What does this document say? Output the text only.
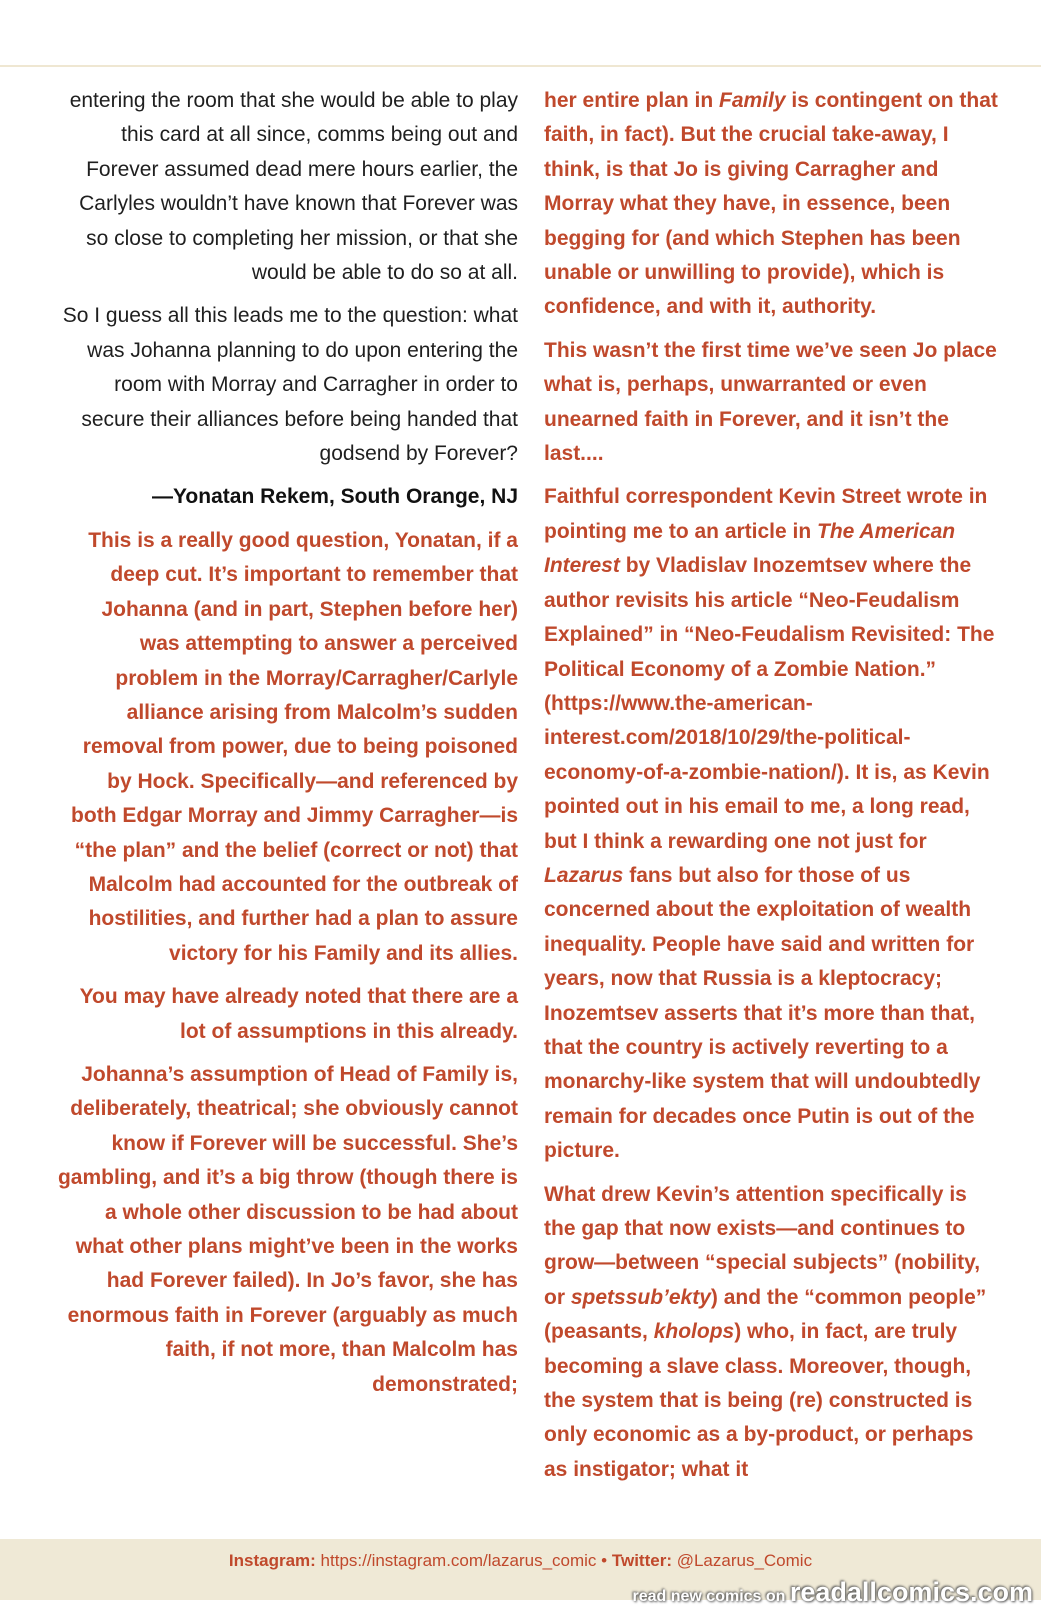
entering the room that she would be able to play this card at all since, comms being out and Forever assumed dead mere hours earlier, the Carlyles wouldn’t have known that Forever was so close to completing her mission, or that she would be able to do so at all.

So I guess all this leads me to the question: what was Johanna planning to do upon entering the room with Morray and Carragher in order to secure their alliances before being handed that godsend by Forever?

—Yonatan Rekem, South Orange, NJ

This is a really good question, Yonatan, if a deep cut. It’s important to remember that Johanna (and in part, Stephen before her) was attempting to answer a perceived problem in the Morray/Carragher/Carlyle alliance arising from Malcolm’s sudden removal from power, due to being poisoned by Hock. Specifically—and referenced by both Edgar Morray and Jimmy Carragher—is “the plan” and the belief (correct or not) that Malcolm had accounted for the outbreak of hostilities, and further had a plan to assure victory for his Family and its allies.

You may have already noted that there are a lot of assumptions in this already.

Johanna’s assumption of Head of Family is, deliberately, theatrical; she obviously cannot know if Forever will be successful. She’s gambling, and it’s a big throw (though there is a whole other discussion to be had about what other plans might’ve been in the works had Forever failed). In Jo’s favor, she has enormous faith in Forever (arguably as much faith, if not more, than Malcolm has demonstrated;

her entire plan in Family is contingent on that faith, in fact). But the crucial take-away, I think, is that Jo is giving Carragher and Morray what they have, in essence, been begging for (and which Stephen has been unable or unwilling to provide), which is confidence, and with it, authority.

This wasn’t the first time we’ve seen Jo place what is, perhaps, unwarranted or even unearned faith in Forever, and it isn’t the last....

Faithful correspondent Kevin Street wrote in pointing me to an article in The American Interest by Vladislav Inozemtsev where the author revisits his article “Neo-Feudalism Explained” in “Neo-Feudalism Revisited: The Political Economy of a Zombie Nation.” (https://www.the-american-interest.com/2018/10/29/the-political-economy-of-a-zombie-nation/). It is, as Kevin pointed out in his email to me, a long read, but I think a rewarding one not just for Lazarus fans but also for those of us concerned about the exploitation of wealth inequality. People have said and written for years, now that Russia is a kleptocracy; Inozemtsev asserts that it’s more than that, that the country is actively reverting to a monarchy-like system that will undoubtedly remain for decades once Putin is out of the picture.

What drew Kevin’s attention specifically is the gap that now exists—and continues to grow—between “special subjects” (nobility, or spetssub’ekty) and the “common people” (peasants, kholops) who, in fact, are truly becoming a slave class. Moreover, though, the system that is being (re) constructed is only economic as a by-product, or perhaps as instigator; what it

Instagram: https://instagram.com/lazarus_comic • Twitter: @Lazarus_Comic
read new comics on readallcomics.com
